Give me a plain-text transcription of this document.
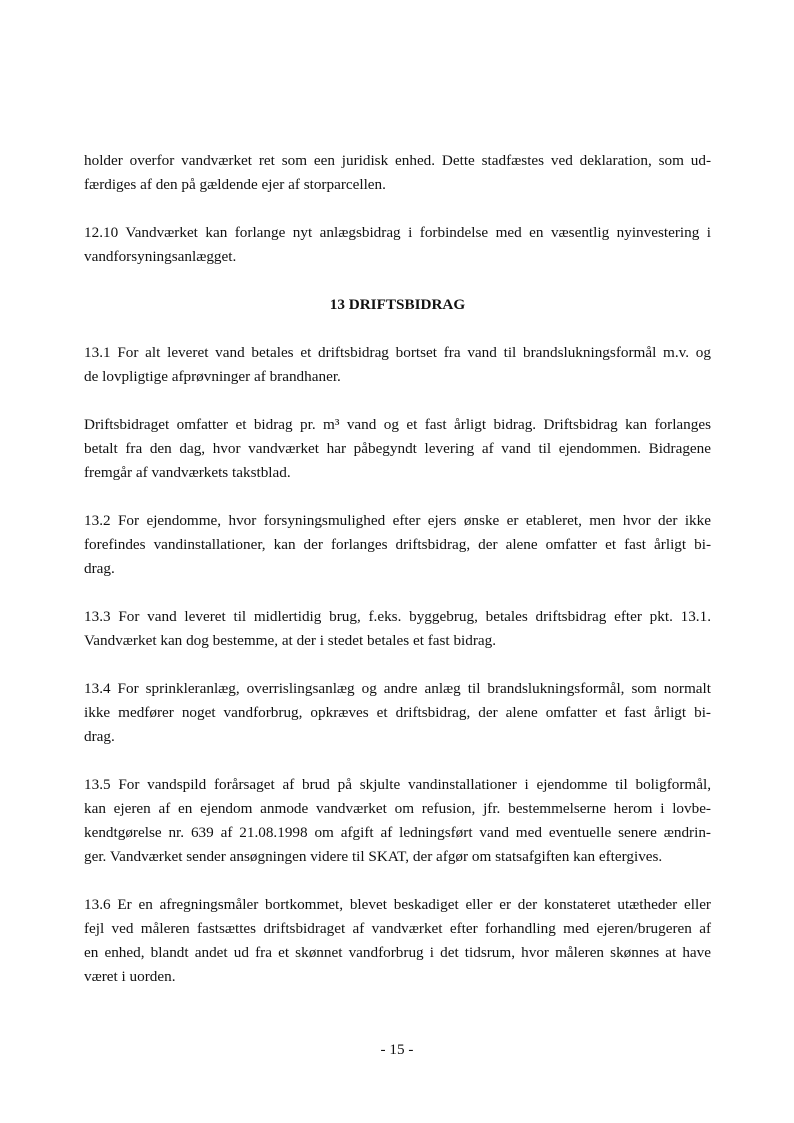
holder overfor vandværket ret som een juridisk enhed. Dette stadfæstes ved deklaration, som ud-
færdiges af den på gældende ejer af storparcellen.

12.10 Vandværket kan forlange nyt anlægsbidrag i forbindelse med en væsentlig nyinvestering i
vandforsyningsanlægget.

13 DRIFTSBIDRAG

13.1 For alt leveret vand betales et driftsbidrag bortset fra vand til brandslukningsformål m.v. og
de lovpligtige afprøvninger af brandhaner.

Driftsbidraget omfatter et bidrag pr. m³ vand og et fast årligt bidrag. Driftsbidrag kan forlanges
betalt fra den dag, hvor vandværket har påbegyndt levering af vand til ejendommen. Bidragene
fremgår af vandværkets takstblad.

13.2 For ejendomme, hvor forsyningsmulighed efter ejers ønske er etableret, men hvor der ikke
forefindes vandinstallationer, kan der forlanges driftsbidrag, der alene omfatter et fast årligt bi-
drag.

13.3 For vand leveret til midlertidig brug, f.eks. byggebrug, betales driftsbidrag efter pkt. 13.1.
Vandværket kan dog bestemme, at der i stedet betales et fast bidrag.

13.4 For sprinkleranlæg, overrislingsanlæg og andre anlæg til brandslukningsformål, som normalt
ikke medfører noget vandforbrug, opkræves et driftsbidrag, der alene omfatter et fast årligt bi-
drag.

13.5 For vandspild forårsaget af brud på skjulte vandinstallationer i ejendomme til boligformål,
kan ejeren af en ejendom anmode vandværket om refusion, jfr. bestemmelserne herom i lovbe-
kendtgørelse nr. 639 af 21.08.1998 om afgift af ledningsført vand med eventuelle senere ændrin-
ger. Vandværket sender ansøgningen videre til SKAT, der afgør om statsafgiften kan eftergives.

13.6 Er en afregningsmåler bortkommet, blevet beskadiget eller er der konstateret utætheder eller
fejl ved måleren fastsættes driftsbidraget af vandværket efter forhandling med ejeren/brugeren af
en enhed, blandt andet ud fra et skønnet vandforbrug i det tidsrum, hvor måleren skønnes at have
været i uorden.

- 15 -
